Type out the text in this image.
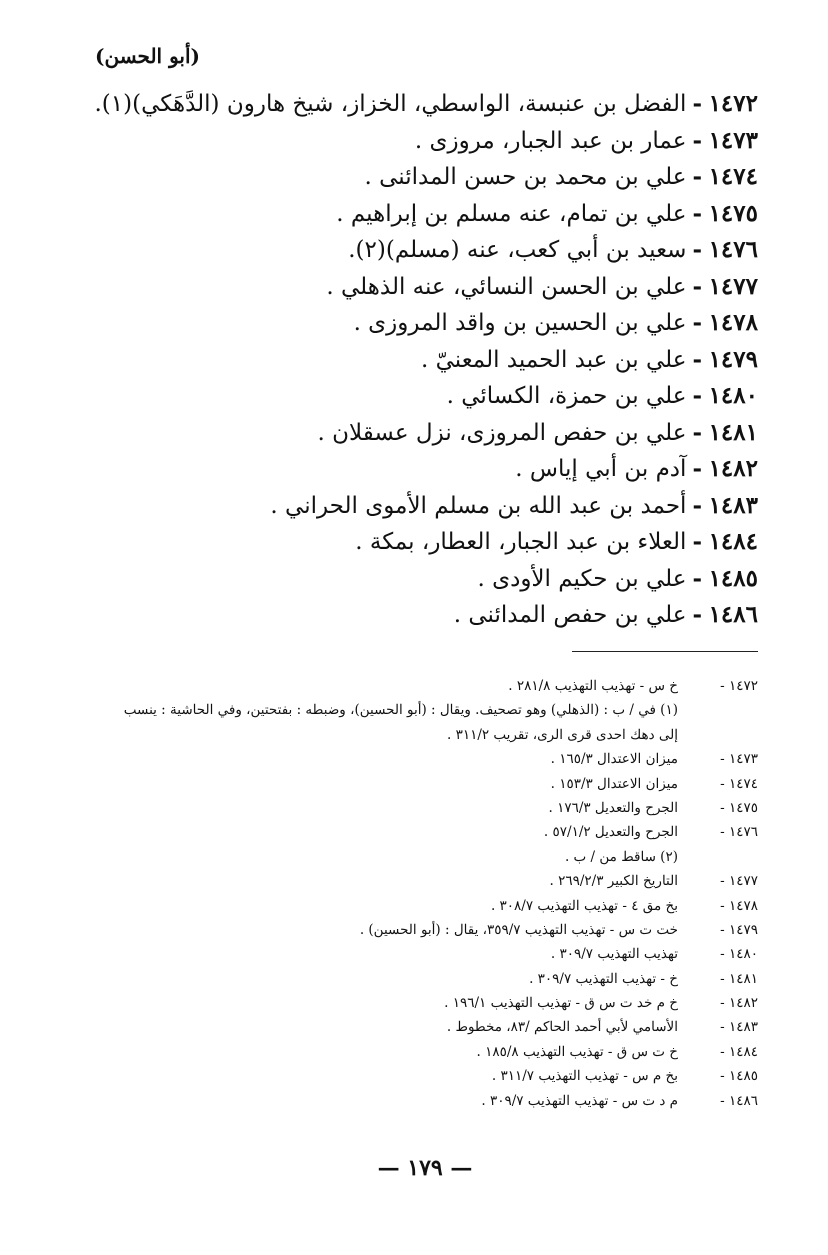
(أبو الحسن)
١٤٧٢-الفضل بن عنبسة، الواسطي، الخزاز، شيخ هارون (الدَّهَكي)(١).
١٤٧٣-عمار بن عبد الجبار، مروزى .
١٤٧٤-علي بن محمد بن حسن المدائنى .
١٤٧٥-علي بن تمام، عنه مسلم بن إبراهيم .
١٤٧٦-سعيد بن أبي كعب، عنه (مسلم)(٢).
١٤٧٧-علي بن الحسن النسائي، عنه الذهلي .
١٤٧٨-علي بن الحسين بن واقد المروزى .
١٤٧٩-علي بن عبد الحميد المعنيّ .
١٤٨٠-علي بن حمزة، الكسائي .
١٤٨١-علي بن حفص المروزى، نزل عسقلان .
١٤٨٢-آدم بن أبي إياس .
١٤٨٣-أحمد بن عبد الله بن مسلم الأموى الحراني .
١٤٨٤-العلاء بن عبد الجبار، العطار، بمكة .
١٤٨٥-علي بن حكيم الأودى .
١٤٨٦-علي بن حفص المدائنى .
١٤٧٢ -
خ س - تهذيب التهذيب ٢٨١/٨ .
(١) في / ب : (الذهلي) وهو تصحيف. ويقال : (أبو الحسين)، وضبطه : بفتحتين، وفي الحاشية : ينسب
إلى دهك احدى قرى الرى، تقريب ٣١١/٢ .
١٤٧٣ -
ميزان الاعتدال ١٦٥/٣ .
١٤٧٤ -
ميزان الاعتدال ١٥٣/٣ .
١٤٧٥ -
الجرح والتعديل ١٧٦/٣ .
١٤٧٦ -
الجرح والتعديل ٥٧/١/٢ .
(٢) ساقط من / ب .
١٤٧٧ -
التاريخ الكبير ٢٦٩/٢/٣ .
١٤٧٨ -
بخ مق ٤ - تهذيب التهذيب ٣٠٨/٧ .
١٤٧٩ -
خت ت س - تهذيب التهذيب ٣٥٩/٧، يقال : (أبو الحسين) .
١٤٨٠ -
تهذيب التهذيب ٣٠٩/٧ .
١٤٨١ -
خ - تهذيب التهذيب ٣٠٩/٧ .
١٤٨٢ -
خ م خد ت س ق - تهذيب التهذيب ١٩٦/١ .
١٤٨٣ -
الأسامي لأبي أحمد الحاكم /٨٣، مخطوط .
١٤٨٤ -
خ ت س ق - تهذيب التهذيب ١٨٥/٨ .
١٤٨٥ -
بخ م س - تهذيب التهذيب ٣١١/٧ .
١٤٨٦ -
م د ت س - تهذيب التهذيب ٣٠٩/٧ .
— ١٧٩ —
